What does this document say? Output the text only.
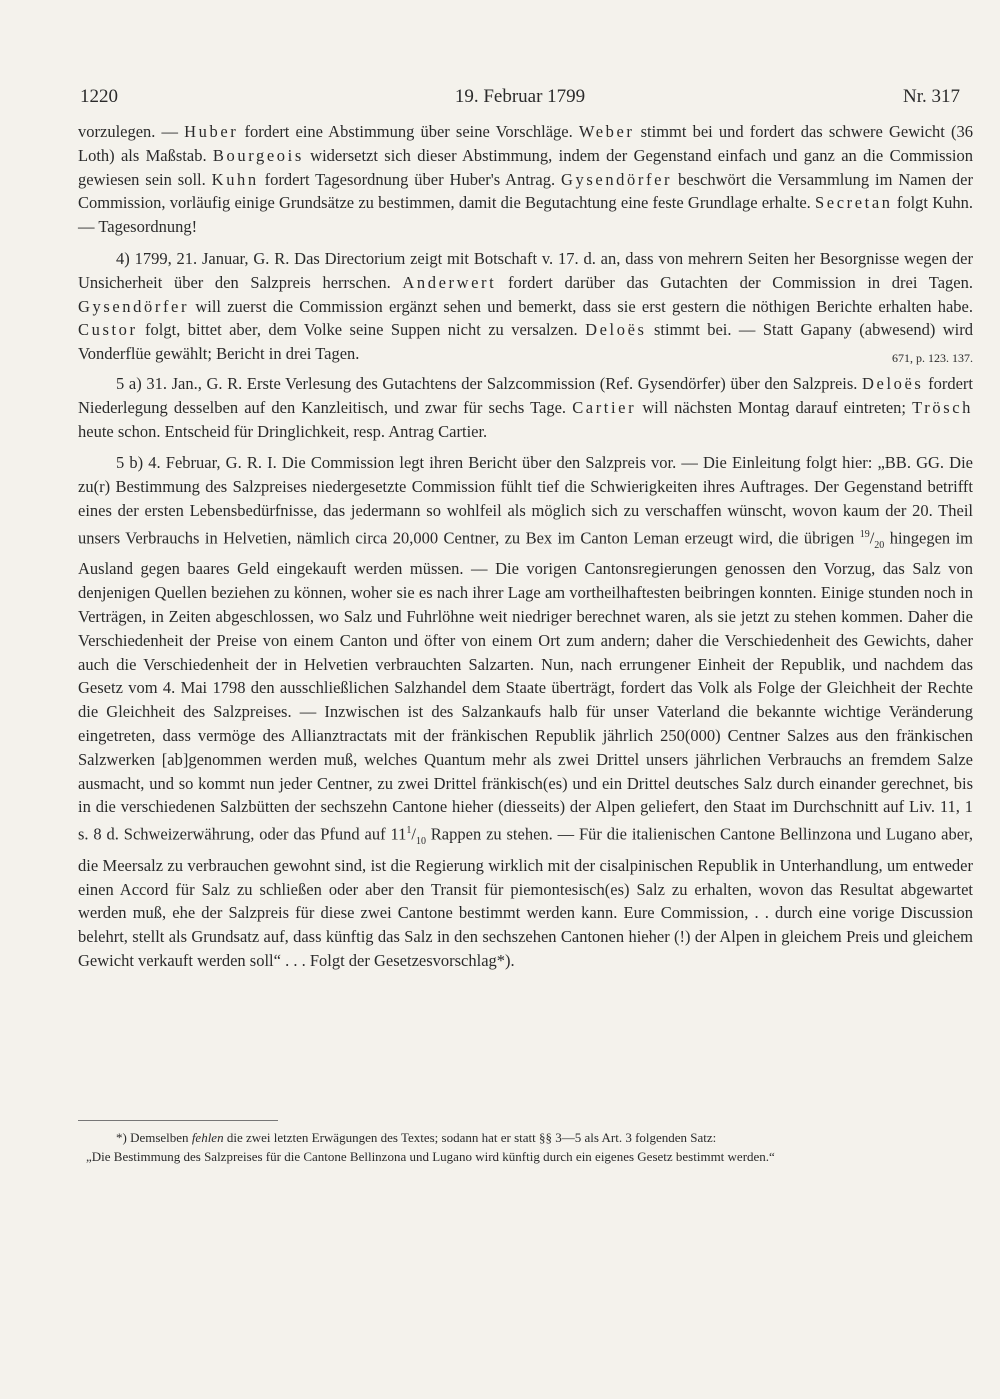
1220	19. Februar 1799	Nr. 317

vorzulegen. — Huber fordert eine Abstimmung über seine Vorschläge. Weber stimmt bei und fordert das schwere Gewicht (36 Loth) als Maßstab. Bourgeois widersetzt sich dieser Abstimmung, indem der Gegenstand einfach und ganz an die Commission gewiesen sein soll. Kuhn fordert Tagesordnung über Huber's Antrag. Gysendörfer beschwört die Versammlung im Namen der Commission, vorläufig einige Grundsätze zu bestimmen, damit die Begutachtung eine feste Grundlage erhalte. Secretan folgt Kuhn. — Tagesordnung!

4) 1799, 21. Januar, G. R. Das Directorium zeigt mit Botschaft v. 17. d. an, dass von mehrern Seiten her Besorgnisse wegen der Unsicherheit über den Salzpreis herrschen. Anderwert fordert darüber das Gutachten der Commission in drei Tagen. Gysendörfer will zuerst die Commission ergänzt sehen und bemerkt, dass sie erst gestern die nöthigen Berichte erhalten habe. Custor folgt, bittet aber, dem Volke seine Suppen nicht zu versalzen. Deloës stimmt bei. — Statt Gapany (abwesend) wird Vonderflüe gewählt; Bericht in drei Tagen.	671, p. 123. 137.

5 a) 31. Jan., G. R. Erste Verlesung des Gutachtens der Salzcommission (Ref. Gysendörfer) über den Salzpreis. Deloës fordert Niederlegung desselben auf den Kanzleitisch, und zwar für sechs Tage. Cartier will nächsten Montag darauf eintreten; Trösch heute schon. Entscheid für Dringlichkeit, resp. Antrag Cartier.

5 b) 4. Februar, G. R. I. Die Commission legt ihren Bericht über den Salzpreis vor. — Die Einleitung folgt hier: „BB. GG. Die zu(r) Bestimmung des Salzpreises niedergesetzte Commission fühlt tief die Schwierigkeiten ihres Auftrages. Der Gegenstand betrifft eines der ersten Lebensbedürfnisse, das jedermann so wohlfeil als möglich sich zu verschaffen wünscht, wovon kaum der 20. Theil unsers Verbrauchs in Helvetien, nämlich circa 20,000 Centner, zu Bex im Canton Leman erzeugt wird, die übrigen $^{19}/_{20}$ hingegen im Ausland gegen baares Geld eingekauft werden müssen. — Die vorigen Cantonsregierungen genossen den Vorzug, das Salz von denjenigen Quellen beziehen zu können, woher sie es nach ihrer Lage am vortheilhaftesten beibringen konnten. Einige stunden noch in Verträgen, in Zeiten abgeschlossen, wo Salz und Fuhrlöhne weit niedriger berechnet waren, als sie jetzt zu stehen kommen. Daher die Verschiedenheit der Preise von einem Canton und öfter von einem Ort zum andern; daher die Verschiedenheit des Gewichts, daher auch die Verschiedenheit der in Helvetien verbrauchten Salzarten. Nun, nach errungener Einheit der Republik, und nachdem das Gesetz vom 4. Mai 1798 den ausschließlichen Salzhandel dem Staate überträgt, fordert das Volk als Folge der Gleichheit der Rechte die Gleichheit des Salzpreises. — Inzwischen ist des Salzankaufs halb für unser Vaterland die bekannte wichtige Veränderung eingetreten, dass vermöge des Allianztractats mit der fränkischen Republik jährlich 250(000) Centner Salzes aus den fränkischen Salzwerken [ab]genommen werden muß, welches Quantum mehr als zwei Drittel unsers jährlichen Verbrauchs an fremdem Salze ausmacht, und so kommt nun jeder Centner, zu zwei Drittel fränkisch(es) und ein Drittel deutsches Salz durch einander gerechnet, bis in die verschiedenen Salzbütten der sechszehn Cantone hieher (diesseits) der Alpen geliefert, den Staat im Durchschnitt auf Liv. 11, 1 s. 8 d. Schweizerwährung, oder das Pfund auf $11^1/_{10}$ Rappen zu stehen. — Für die italienischen Cantone Bellinzona und Lugano aber, die Meersalz zu verbrauchen gewohnt sind, ist die Regierung wirklich mit der cisalpinischen Republik in Unterhandlung, um entweder einen Accord für Salz zu schließen oder aber den Transit für piemontesisch(es) Salz zu erhalten, wovon das Resultat abgewartet werden muß, ehe der Salzpreis für diese zwei Cantone bestimmt werden kann. Eure Commission, . . durch eine vorige Discussion belehrt, stellt als Grundsatz auf, dass künftig das Salz in den sechszehen Cantonen hieher (!) der Alpen in gleichem Preis und gleichem Gewicht verkauft werden soll“ . . . Folgt der Gesetzesvorschlag*).

*) Demselben fehlen die zwei letzten Erwägungen des Textes; sodann hat er statt §§ 3—5 als Art. 3 folgenden Satz:

„Die Bestimmung des Salzpreises für die Cantone Bellinzona und Lugano wird künftig durch ein eigenes Gesetz bestimmt werden.“
